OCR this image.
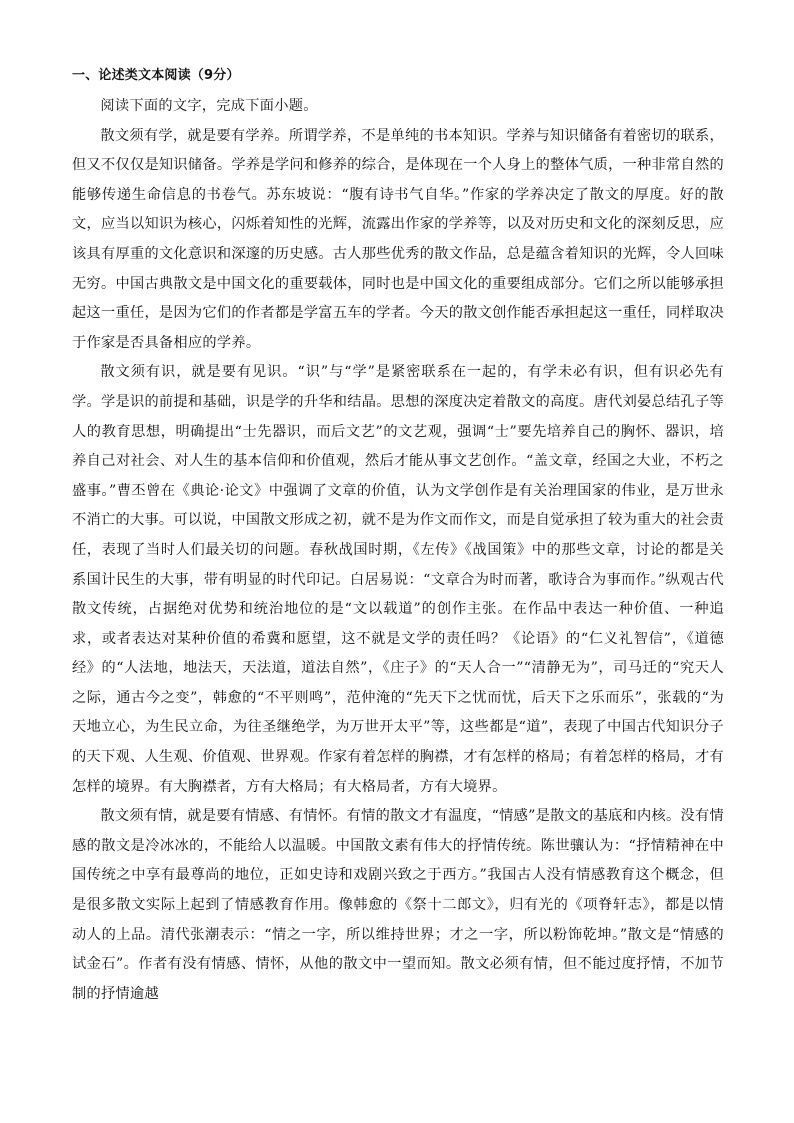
一、论述类文本阅读（9分）

阅读下面的文字，完成下面小题。

散文须有学，就是要有学养。所谓学养，不是单纯的书本知识。学养与知识储备有着密切的联系，但又不仅仅是知识储备。学养是学问和修养的综合，是体现在一个人身上的整体气质，一种非常自然的能够传递生命信息的书卷气。苏东坡说：“腹有诗书气自华。”作家的学养决定了散文的厚度。好的散文，应当以知识为核心，闪烁着知性的光辉，流露出作家的学养等，以及对历史和文化的深刻反思，应该具有厚重的文化意识和深邃的历史感。古人那些优秀的散文作品，总是蕴含着知识的光辉，令人回味无穷。中国古典散文是中国文化的重要载体，同时也是中国文化的重要组成部分。它们之所以能够承担起这一重任，是因为它们的作者都是学富五车的学者。今天的散文创作能否承担起这一重任，同样取决于作家是否具备相应的学养。

散文须有识，就是要有见识。“识”与“学”是紧密联系在一起的，有学未必有识，但有识必先有学。学是识的前提和基础，识是学的升华和结晶。思想的深度决定着散文的高度。唐代刘晏总结孔子等人的教育思想，明确提出“士先器识，而后文艺”的文艺观，强调“士”要先培养自己的胸怀、器识，培养自己对社会、对人生的基本信仰和价值观，然后才能从事文艺创作。“盖文章，经国之大业，不朽之盛事。”曹丕曾在《典论·论文》中强调了文章的价值，认为文学创作是有关治理国家的伟业，是万世永不消亡的大事。可以说，中国散文形成之初，就不是为作文而作文，而是自觉承担了较为重大的社会责任，表现了当时人们最关切的问题。春秋战国时期，《左传》《战国策》中的那些文章，讨论的都是关系国计民生的大事，带有明显的时代印记。白居易说：“文章合为时而著，歌诗合为事而作。”纵观古代散文传统，占据绝对优势和统治地位的是“文以载道”的创作主张。在作品中表达一种价值、一种追求，或者表达对某种价值的希冀和愿望，这不就是文学的责任吗？《论语》的“仁义礼智信”，《道德经》的“人法地，地法天，天法道，道法自然”，《庄子》的“天人合一”“清静无为”，司马迁的“究天人之际，通古今之变”，韩愈的“不平则鸣”，范仲淹的“先天下之忧而忧，后天下之乐而乐”，张载的“为天地立心，为生民立命，为往圣继绝学，为万世开太平”等，这些都是“道”，表现了中国古代知识分子的天下观、人生观、价值观、世界观。作家有着怎样的胸襟，才有怎样的格局；有着怎样的格局，才有怎样的境界。有大胸襟者，方有大格局；有大格局者，方有大境界。

散文须有情，就是要有情感、有情怀。有情的散文才有温度，“情感”是散文的基底和内核。没有情感的散文是冷冰冰的，不能给人以温暖。中国散文素有伟大的抒情传统。陈世骧认为：“抒情精神在中国传统之中享有最尊尚的地位，正如史诗和戏剧兴致之于西方。”我国古人没有情感教育这个概念，但是很多散文实际上起到了情感教育作用。像韩愈的《祭十二郎文》，归有光的《项脊轩志》，都是以情动人的上品。清代张潮表示：“情之一字，所以维持世界；才之一字，所以粉饰乾坤。”散文是“情感的试金石”。作者有没有情感、情怀，从他的散文中一望而知。散文必须有情，但不能过度抒情，不加节制的抒情逾越
